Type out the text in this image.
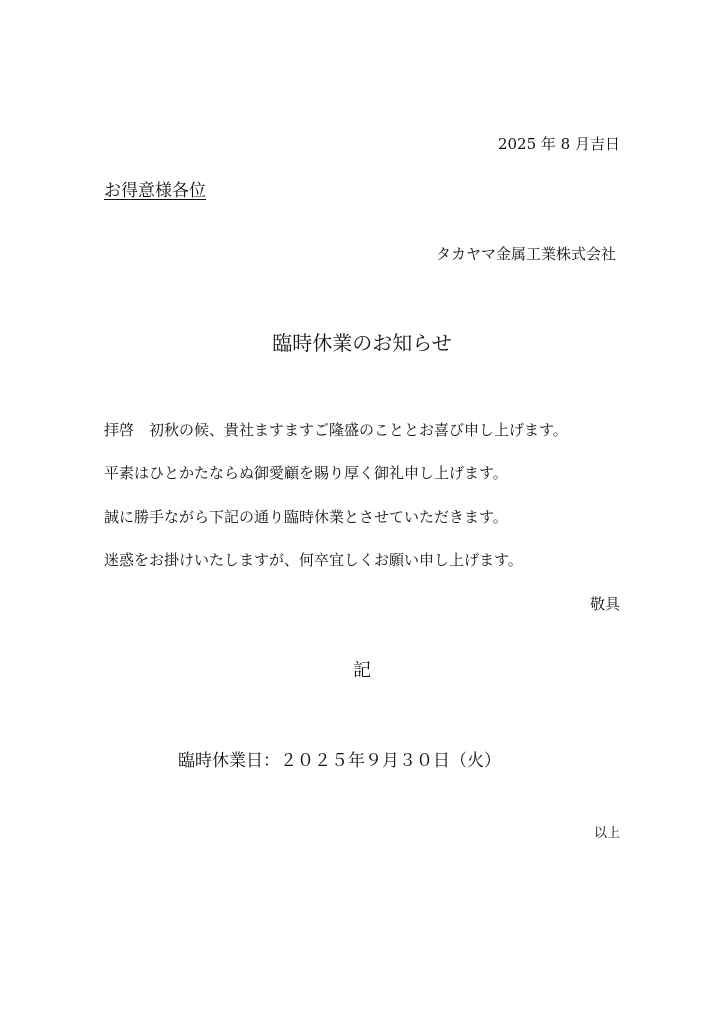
2025 年 8 月吉日
お得意様各位
タカヤマ金属工業株式会社
臨時休業のお知らせ
拝啓　初秋の候、貴社ますますご隆盛のこととお喜び申し上げます。
平素はひとかたならぬ御愛顧を賜り厚く御礼申し上げます。
誠に勝手ながら下記の通り臨時休業とさせていただきます。
迷惑をお掛けいたしますが、何卒宜しくお願い申し上げます。
敬具
記
臨時休業日：２０２５年９月３０日（火）
以上
